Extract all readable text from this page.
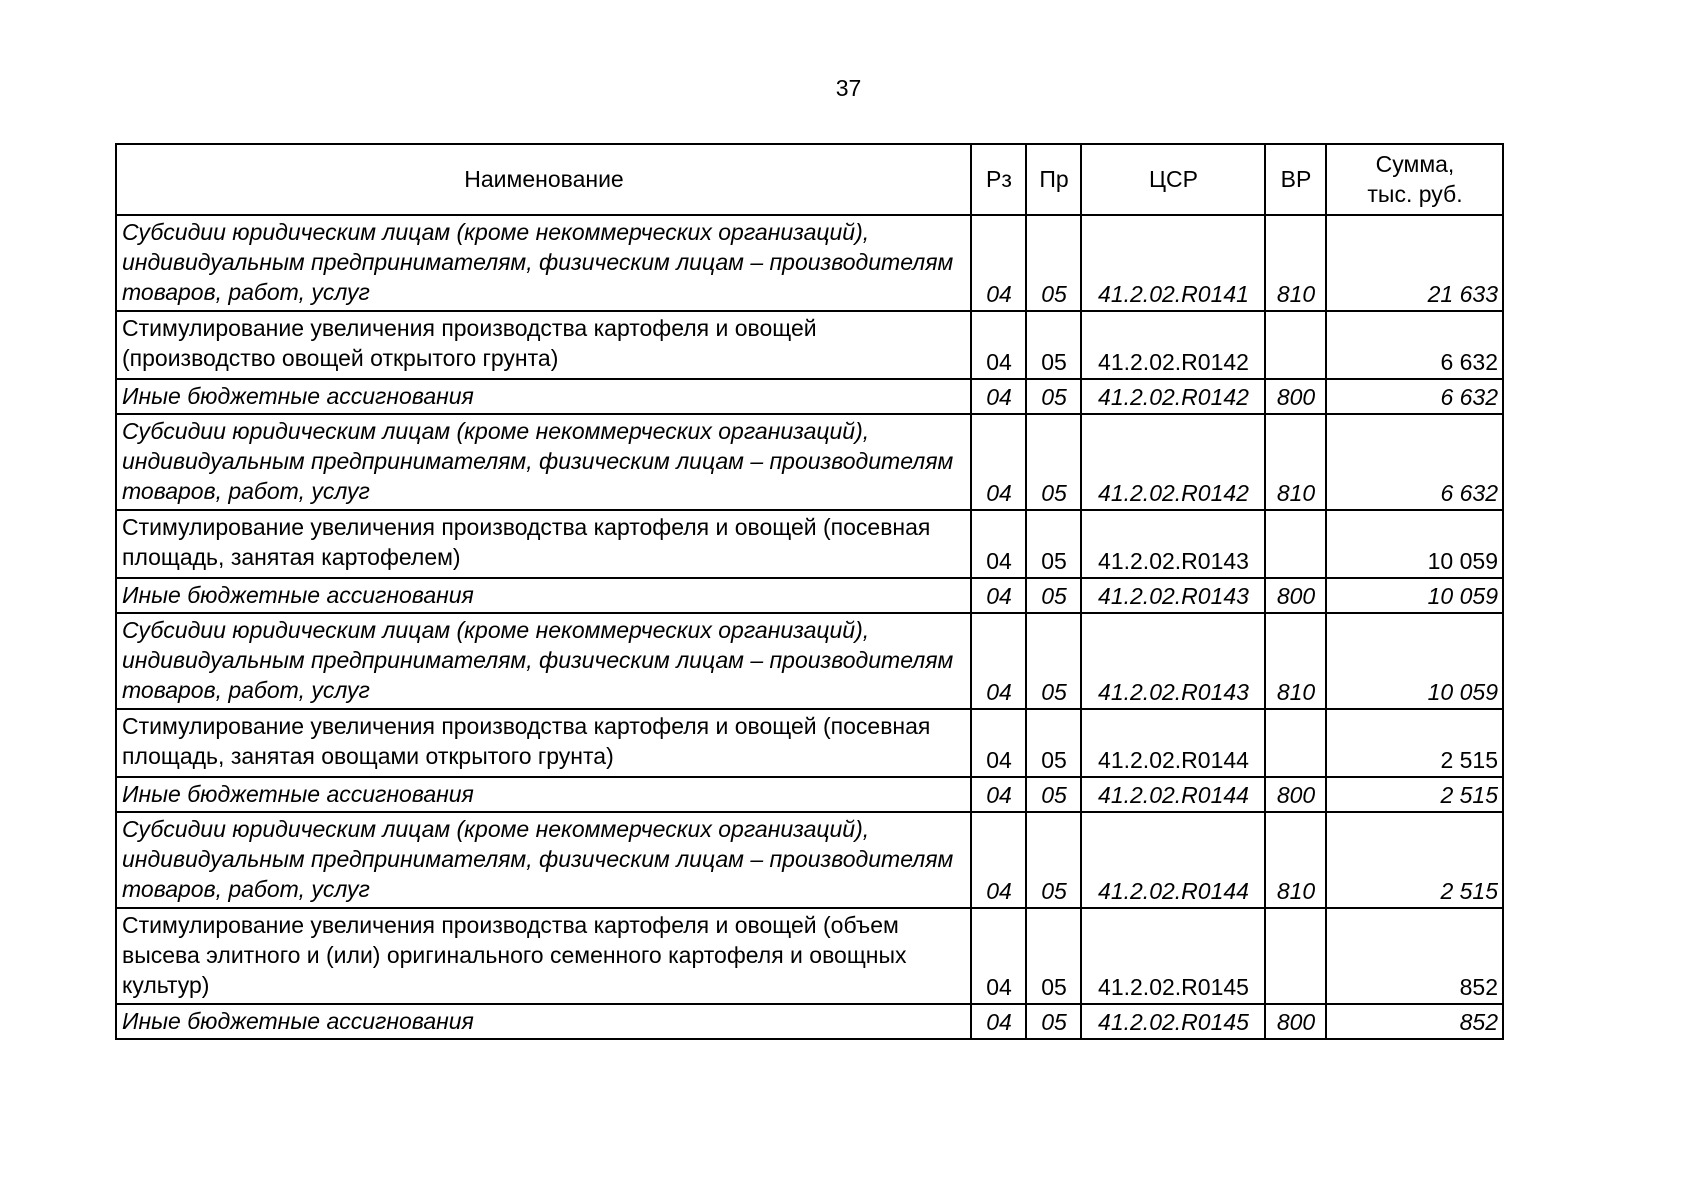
37
Наименование	Рз	Пр	ЦСР	ВР	Сумма,
тыс. руб.
Субсидии юридическим лицам (кроме некоммерческих организаций), индивидуальным предпринимателям, физическим лицам – производителям товаров, работ, услуг	04	05	41.2.02.R0141	810	21 633
Стимулирование увеличения производства картофеля и овощей (производство овощей открытого грунта)	04	05	41.2.02.R0142		6 632
Иные бюджетные ассигнования	04	05	41.2.02.R0142	800	6 632
Субсидии юридическим лицам (кроме некоммерческих организаций), индивидуальным предпринимателям, физическим лицам – производителям товаров, работ, услуг	04	05	41.2.02.R0142	810	6 632
Стимулирование увеличения производства картофеля и овощей (посевная площадь, занятая картофелем)	04	05	41.2.02.R0143		10 059
Иные бюджетные ассигнования	04	05	41.2.02.R0143	800	10 059
Субсидии юридическим лицам (кроме некоммерческих организаций), индивидуальным предпринимателям, физическим лицам – производителям товаров, работ, услуг	04	05	41.2.02.R0143	810	10 059
Стимулирование увеличения производства картофеля и овощей (посевная площадь, занятая овощами открытого грунта)	04	05	41.2.02.R0144		2 515
Иные бюджетные ассигнования	04	05	41.2.02.R0144	800	2 515
Субсидии юридическим лицам (кроме некоммерческих организаций), индивидуальным предпринимателям, физическим лицам – производителям товаров, работ, услуг	04	05	41.2.02.R0144	810	2 515
Стимулирование увеличения производства картофеля и овощей (объем высева элитного и (или) оригинального семенного картофеля и овощных культур)	04	05	41.2.02.R0145		852
Иные бюджетные ассигнования	04	05	41.2.02.R0145	800	852
